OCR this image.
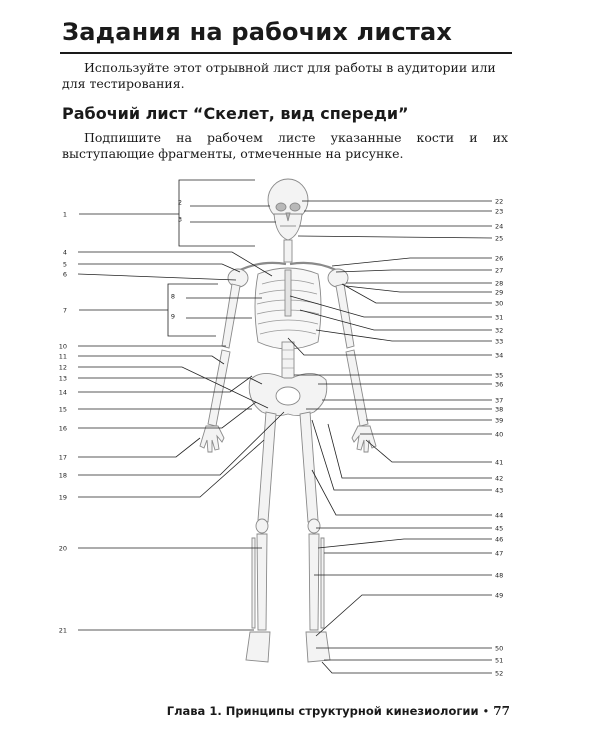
Задания на рабочих листах

Используйте этот отрывной лист для работы в аудитории или для тестирования.

Рабочий лист “Скелет, вид спереди”

Подпишите на рабочем листе указанные кости и их выступающие фрагменты, отмеченные на рисунке.

1
2
3
4
5
6
7
8
9
10
11
12
13
14
15
16
17
18
19
20
21
22
23
24
25
26
27
28
29
30
31
32
33
34
35
36
37
38
39
40
41
42
43
44
45
46
47
48
49
50
51
52
Глава 1. Принципы структурной кинезиологии • 77
